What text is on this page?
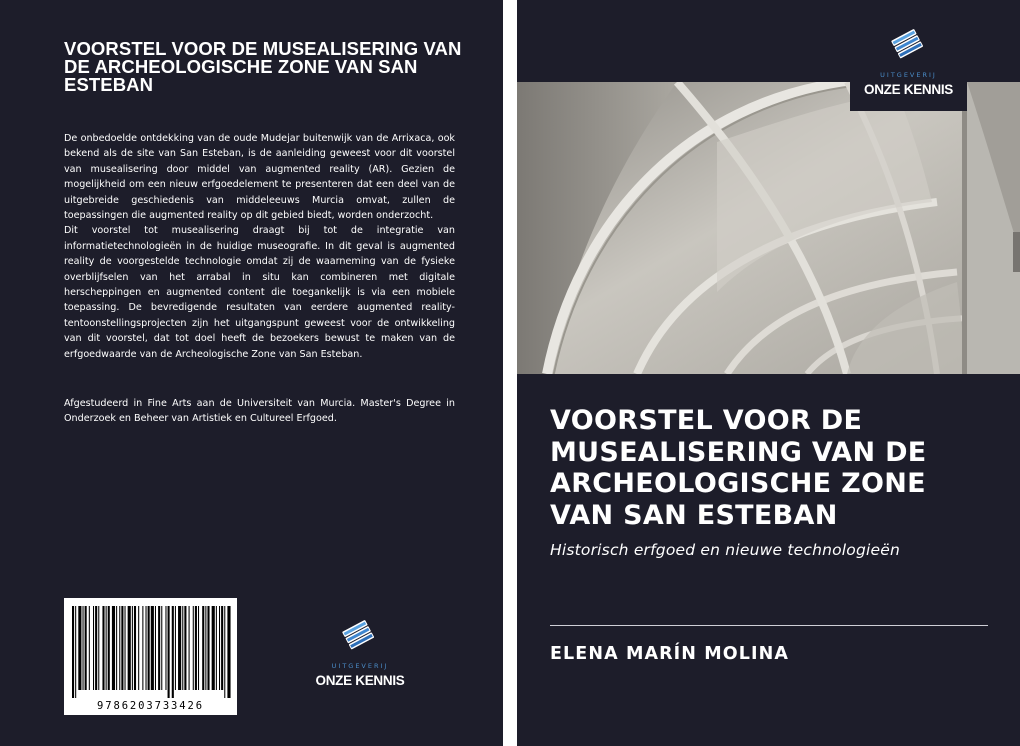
VOORSTEL VOOR DE MUSEALISERING VAN DE ARCHEOLOGISCHE ZONE VAN SAN ESTEBAN

De onbedoelde ontdekking van de oude Mudejar buitenwijk van de Arrixaca, ook bekend als de site van San Esteban, is de aanleiding geweest voor dit voorstel van musealisering door middel van augmented reality (AR). Gezien de mogelijkheid om een nieuw erfgoedelement te presenteren dat een deel van de uitgebreide geschiedenis van middeleeuws Murcia omvat, zullen de toepassingen die augmented reality op dit gebied biedt, worden onderzocht.

Dit voorstel tot musealisering draagt bij tot de integratie van informatietechnologieën in de huidige museografie. In dit geval is augmented reality de voorgestelde technologie omdat zij de waarneming van de fysieke overblijfselen van het arrabal in situ kan combineren met digitale herscheppingen en augmented content die toegankelijk is via een mobiele toepassing. De bevredigende resultaten van eerdere augmented reality-tentoonstellingsprojecten zijn het uitgangspunt geweest voor de ontwikkeling van dit voorstel, dat tot doel heeft de bezoekers bewust te maken van de erfgoedwaarde van de Archeologische Zone van San Esteban.

Afgestudeerd in Fine Arts aan de Universiteit van Murcia. Master's Degree in Onderzoek en Beheer van Artistiek en Cultureel Erfgoed.
9786203733426
UITGEVERIJ
ONZE KENNIS
UITGEVERIJ
ONZE KENNIS
VOORSTEL VOOR DE MUSEALISERING VAN DE ARCHEOLOGISCHE ZONE VAN SAN ESTEBAN
Historisch erfgoed en nieuwe technologieën
ELENA MARÍN MOLINA
